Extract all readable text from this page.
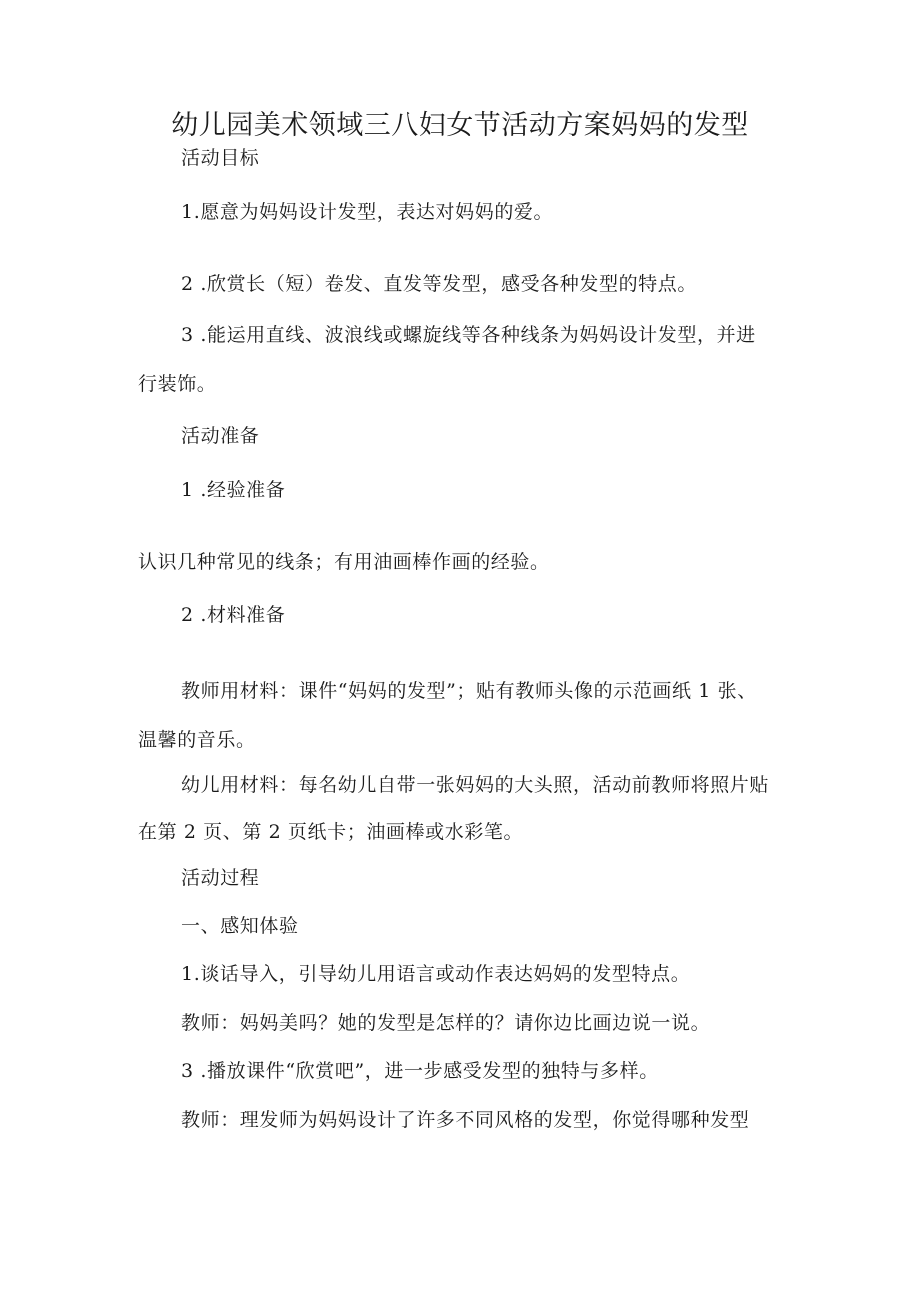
幼儿园美术领域三八妇女节活动方案妈妈的发型
活动目标
1.愿意为妈妈设计发型，表达对妈妈的爱。
2 .欣赏长（短）卷发、直发等发型，感受各种发型的特点。
3 .能运用直线、波浪线或螺旋线等各种线条为妈妈设计发型，并进
行装饰。
活动准备
1 .经验准备
认识几种常见的线条；有用油画棒作画的经验。
2 .材料准备
教师用材料：课件“妈妈的发型”；贴有教师头像的示范画纸 1 张、
温馨的音乐。
幼儿用材料：每名幼儿自带一张妈妈的大头照，活动前教师将照片贴
在第 2 页、第 2 页纸卡；油画棒或水彩笔。
活动过程
一、感知体验
1.谈话导入，引导幼儿用语言或动作表达妈妈的发型特点。
教师：妈妈美吗？她的发型是怎样的？请你边比画边说一说。
3 .播放课件“欣赏吧”，进一步感受发型的独特与多样。
教师：理发师为妈妈设计了许多不同风格的发型，你觉得哪种发型
